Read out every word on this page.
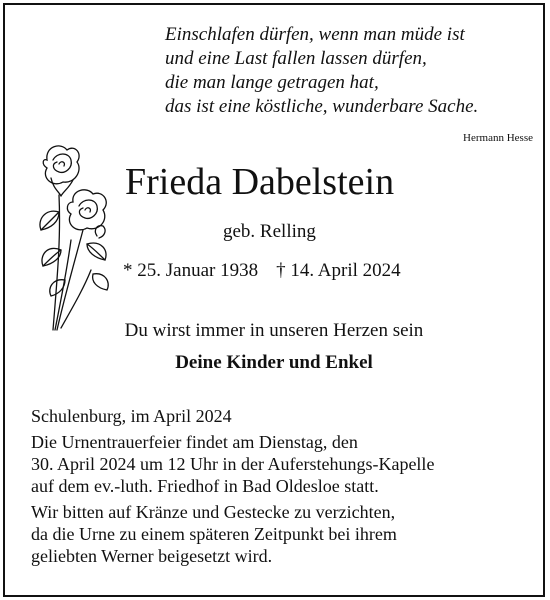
Einschlafen dürfen, wenn man müde ist
und eine Last fallen lassen dürfen,
die man lange getragen hat,
das ist eine köstliche, wunderbare Sache.
Hermann Hesse
Frieda Dabelstein
geb. Relling
* 25. Januar 1938 † 14. April 2024
Du wirst immer in unseren Herzen sein
Deine Kinder und Enkel
Schulenburg, im April 2024
Die Urnentrauerfeier findet am Dienstag, den
30. April 2024 um 12 Uhr in der Auferstehungs-Kapelle
auf dem ev.-luth. Friedhof in Bad Oldesloe statt.
Wir bitten auf Kränze und Gestecke zu verzichten,
da die Urne zu einem späteren Zeitpunkt bei ihrem
geliebten Werner beigesetzt wird.
